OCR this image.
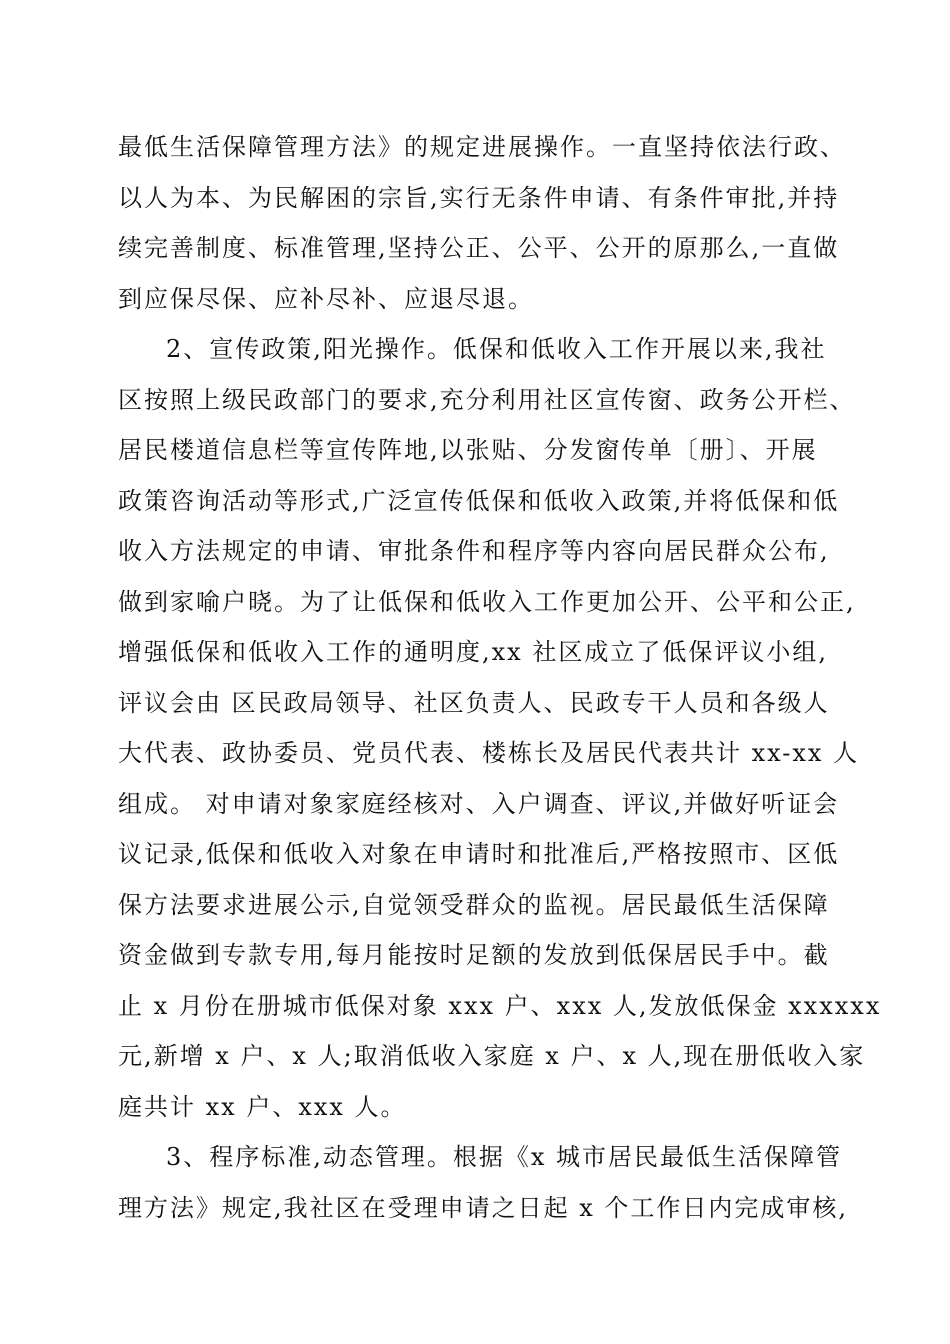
最低生活保障管理方法》的规定进展操作。一直坚持依法行政、
以人为本、为民解困的宗旨,实行无条件申请、有条件审批,并持
续完善制度、标准管理,坚持公正、公平、公开的原那么,一直做
到应保尽保、应补尽补、应退尽退。
2、宣传政策,阳光操作。低保和低收入工作开展以来,我社
区按照上级民政部门的要求,充分利用社区宣传窗、政务公开栏、
居民楼道信息栏等宣传阵地,以张贴、分发窗传单〔册〕、开展
政策咨询活动等形式,广泛宣传低保和低收入政策,并将低保和低
收入方法规定的申请、审批条件和程序等内容向居民群众公布,
做到家喻户晓。为了让低保和低收入工作更加公开、公平和公正,
增强低保和低收入工作的通明度,xx 社区成立了低保评议小组,
评议会由 区民政局领导、社区负责人、民政专干人员和各级人
大代表、政协委员、党员代表、楼栋长及居民代表共计 xx-xx 人
组成。 对申请对象家庭经核对、入户调查、评议,并做好听证会
议记录,低保和低收入对象在申请时和批准后,严格按照市、区低
保方法要求进展公示,自觉领受群众的监视。居民最低生活保障
资金做到专款专用,每月能按时足额的发放到低保居民手中。截
止 x 月份在册城市低保对象 xxx 户、xxx 人,发放低保金 xxxxxx
元,新增 x 户、x 人;取消低收入家庭 x 户、x 人,现在册低收入家
庭共计 xx 户、xxx 人。
3、程序标准,动态管理。根据《x 城市居民最低生活保障管
理方法》规定,我社区在受理申请之日起 x 个工作日内完成审核,
